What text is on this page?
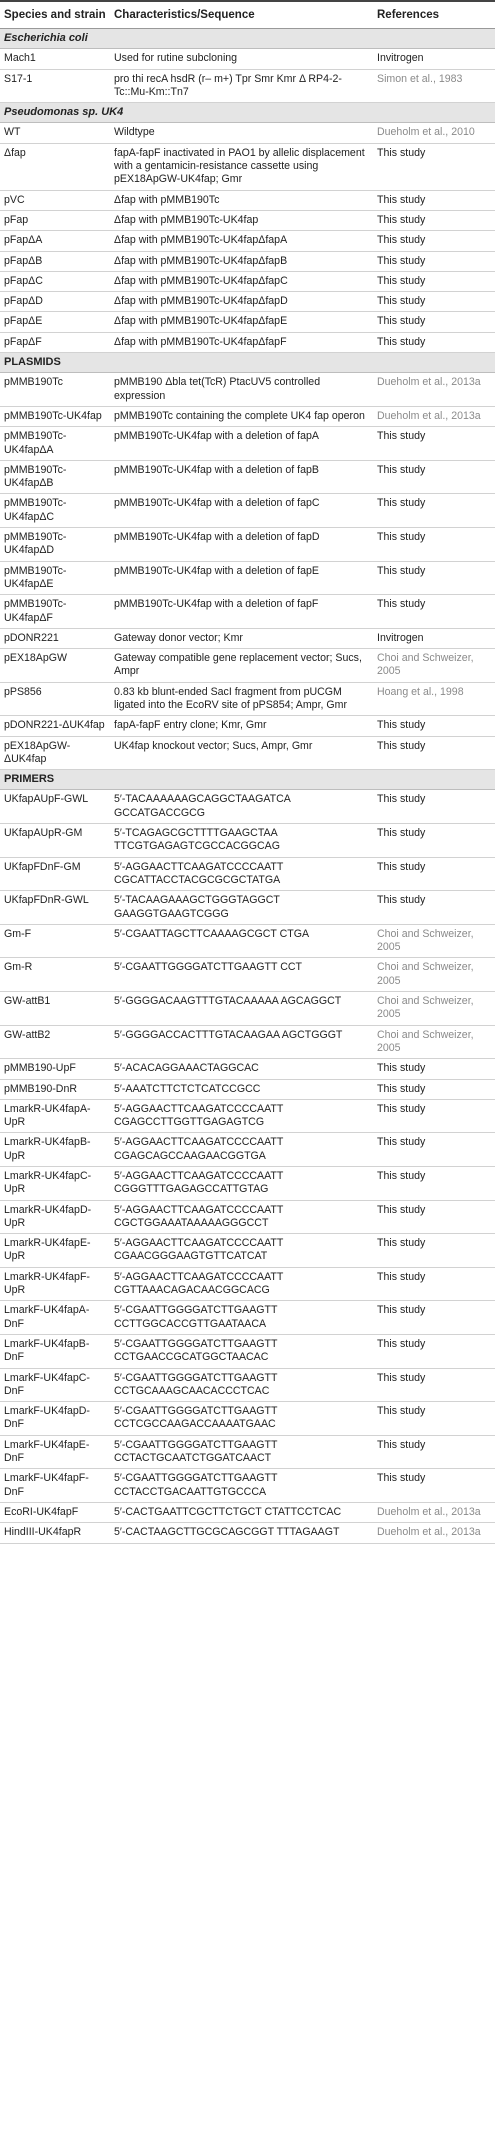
Species and strain	Characteristics/Sequence	References
Escherichia coli		
Mach1	Used for rutine subcloning	Invitrogen
S17-1	pro thi recA hsdR (r– m+) Tpr Smr Kmr Δ RP4-2-Tc::Mu-Km::Tn7	Simon et al., 1983
Pseudomonas sp. UK4		
WT	Wildtype	Dueholm et al., 2010
Δfap	fapA-fapF inactivated in PAO1 by allelic displacement with a gentamicin-resistance cassette using pEX18ApGW-UK4fap; Gmr	This study
pVC	Δfap with pMMB190Tc	This study
pFap	Δfap with pMMB190Tc-UK4fap	This study
pFapΔA	Δfap with pMMB190Tc-UK4fapΔfapA	This study
pFapΔB	Δfap with pMMB190Tc-UK4fapΔfapB	This study
pFapΔC	Δfap with pMMB190Tc-UK4fapΔfapC	This study
pFapΔD	Δfap with pMMB190Tc-UK4fapΔfapD	This study
pFapΔE	Δfap with pMMB190Tc-UK4fapΔfapE	This study
pFapΔF	Δfap with pMMB190Tc-UK4fapΔfapF	This study
PLASMIDS		
pMMB190Tc	pMMB190 Δbla tet(TcR) PtacUV5 controlled expression	Dueholm et al., 2013a
pMMB190Tc-UK4fap	pMMB190Tc containing the complete UK4 fap operon	Dueholm et al., 2013a
pMMB190Tc-UK4fapΔA	pMMB190Tc-UK4fap with a deletion of fapA	This study
pMMB190Tc-UK4fapΔB	pMMB190Tc-UK4fap with a deletion of fapB	This study
pMMB190Tc-UK4fapΔC	pMMB190Tc-UK4fap with a deletion of fapC	This study
pMMB190Tc-UK4fapΔD	pMMB190Tc-UK4fap with a deletion of fapD	This study
pMMB190Tc-UK4fapΔE	pMMB190Tc-UK4fap with a deletion of fapE	This study
pMMB190Tc-UK4fapΔF	pMMB190Tc-UK4fap with a deletion of fapF	This study
pDONR221	Gateway donor vector; Kmr	Invitrogen
pEX18ApGW	Gateway compatible gene replacement vector; Sucs, Ampr	Choi and Schweizer, 2005
pPS856	0.83 kb blunt-ended SacI fragment from pUCGM ligated into the EcoRV site of pPS854; Ampr, Gmr	Hoang et al., 1998
pDONR221-ΔUK4fap	fapA-fapF entry clone; Kmr, Gmr	This study
pEX18ApGW-ΔUK4fap	UK4fap knockout vector; Sucs, Ampr, Gmr	This study
PRIMERS		
UKfapAUpF-GWL	5′-TACAAAAAAGCAGGCTAAGATCA GCCATGACCGCG	This study
UKfapAUpR-GM	5′-TCAGAGCGCTTTTGAAGCTAA TTCGTGAGAGTCGCCACGGCAG	This study
UKfapFDnF-GM	5′-AGGAACTTCAAGATCCCCAATT CGCATTACCTACGCGCGCTATGA	This study
UKfapFDnR-GWL	5′-TACAAGAAAGCTGGGTAGGCT GAAGGTGAAGTCGGG	This study
Gm-F	5′-CGAATTAGCTTCAAAAGCGCT CTGA	Choi and Schweizer, 2005
Gm-R	5′-CGAATTGGGGATCTTGAAGTT CCT	Choi and Schweizer, 2005
GW-attB1	5′-GGGGACAAGTTTGTACAAAAA AGCAGGCT	Choi and Schweizer, 2005
GW-attB2	5′-GGGGACCACTTTGTACAAGAA AGCTGGGT	Choi and Schweizer, 2005
pMMB190-UpF	5′-ACACAGGAAACTAGGCAC	This study
pMMB190-DnR	5′-AAATCTTCTCTCATCCGCC	This study
LmarkR-UK4fapA-UpR	5′-AGGAACTTCAAGATCCCCAATT CGAGCCTTGGTTGAGAGTCG	This study
LmarkR-UK4fapB-UpR	5′-AGGAACTTCAAGATCCCCAATT CGAGCAGCCAAGAACGGTGA	This study
LmarkR-UK4fapC-UpR	5′-AGGAACTTCAAGATCCCCAATT CGGGTTTGAGAGCCATTGTAG	This study
LmarkR-UK4fapD-UpR	5′-AGGAACTTCAAGATCCCCAATT CGCTGGAAATAAAAAGGGCCT	This study
LmarkR-UK4fapE-UpR	5′-AGGAACTTCAAGATCCCCAATT CGAACGGGAAGTGTTCATCAT	This study
LmarkR-UK4fapF-UpR	5′-AGGAACTTCAAGATCCCCAATT CGTTAAACAGACAACGGCACG	This study
LmarkF-UK4fapA-DnF	5′-CGAATTGGGGATCTTGAAGTT CCTTGGCACCGTTGAATAACA	This study
LmarkF-UK4fapB-DnF	5′-CGAATTGGGGATCTTGAAGTT CCTGAACCGCATGGCTAACAC	This study
LmarkF-UK4fapC-DnF	5′-CGAATTGGGGATCTTGAAGTT CCTGCAAAGCAACACCCTCAC	This study
LmarkF-UK4fapD-DnF	5′-CGAATTGGGGATCTTGAAGTT CCTCGCCAAGACCAAAATGAAC	This study
LmarkF-UK4fapE-DnF	5′-CGAATTGGGGATCTTGAAGTT CCTACTGCAATCTGGATCAACT	This study
LmarkF-UK4fapF-DnF	5′-CGAATTGGGGATCTTGAAGTT CCTACCTGACAATTGTGCCCA	This study
EcoRI-UK4fapF	5′-CACTGAATTCGCTTCTGCT CTATTCCTCAC	Dueholm et al., 2013a
HindIII-UK4fapR	5′-CACTAAGCTTGCGCAGCGGT TTTAGAAGT	Dueholm et al., 2013a
